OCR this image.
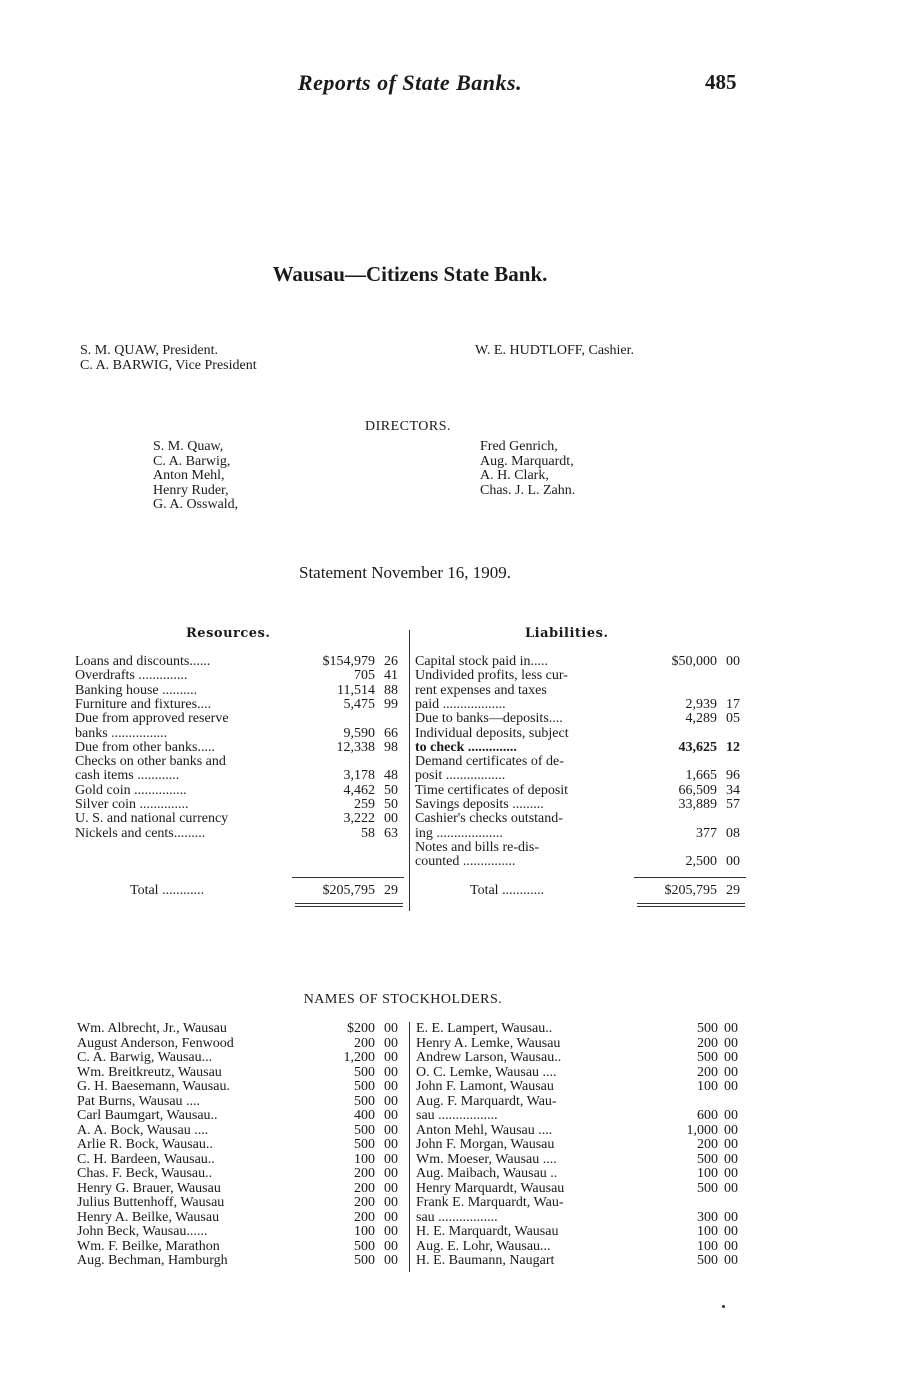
Reports of State Banks.	485
Wausau—Citizens State Bank.
S. M. QUAW, President.
C. A. BARWIG, Vice President
W. E. HUDTLOFF, Cashier.
DIRECTORS.
S. M. Quaw,
C. A. Barwig,
Anton Mehl,
Henry Ruder,
G. A. Osswald,
Fred Genrich,
Aug. Marquardt,
A. H. Clark,
Chas. J. L. Zahn.
Statement November 16, 1909.
Resources.	Liabilities.
Loans and discounts......	$154,979 26
Overdrafts ..............	705 41
Banking house ..........	11,514 88
Furniture and fixtures....	5,475 99
Due from approved reserve
banks ................	9,590 66
Due from other banks.....	12,338 98
Checks on other banks and
cash items ............	3,178 48
Gold coin ...............	4,462 50
Silver coin ..............	259 50
U. S. and national currency	3,222 00
Nickels and cents.........	58 63
Capital stock paid in.....	$50,000 00
Undivided profits, less cur-
rent expenses and taxes
paid ..................	2,939 17
Due to banks—deposits....	4,289 05
Individual deposits, subject
to check ..............	43,625 12
Demand certificates of de-
posit .................	1,665 96
Time certificates of deposit	66,509 34
Savings deposits .........	33,889 57
Cashier's checks outstand-
ing ...................	377 08
Notes and bills re-dis-
counted ...............	2,500 00
Total ............	$205,795 29	Total ............	$205,795 29
NAMES OF STOCKHOLDERS.
Wm. Albrecht, Jr., Wausau	$200 00
August Anderson, Fenwood	200 00
C. A. Barwig, Wausau...	1,200 00
Wm. Breitkreutz, Wausau	500 00
G. H. Baesemann, Wausau.	500 00
Pat Burns, Wausau ....	500 00
Carl Baumgart, Wausau..	400 00
A. A. Bock, Wausau ....	500 00
Arlie R. Bock, Wausau..	500 00
C. H. Bardeen, Wausau..	100 00
Chas. F. Beck, Wausau..	200 00
Henry G. Brauer, Wausau	200 00
Julius Buttenhoff, Wausau	200 00
Henry A. Beilke, Wausau	200 00
John Beck, Wausau......	100 00
Wm. F. Beilke, Marathon	500 00
Aug. Bechman, Hamburgh	500 00
E. E. Lampert, Wausau..	500 00
Henry A. Lemke, Wausau	200 00
Andrew Larson, Wausau..	500 00
O. C. Lemke, Wausau ....	200 00
John F. Lamont, Wausau	100 00
Aug. F. Marquardt, Wau-
sau .................	600 00
Anton Mehl, Wausau ....	1,000 00
John F. Morgan, Wausau	200 00
Wm. Moeser, Wausau ....	500 00
Aug. Maibach, Wausau ..	100 00
Henry Marquardt, Wausau	500 00
Frank E. Marquardt, Wau-
sau .................	300 00
H. E. Marquardt, Wausau	100 00
Aug. E. Lohr, Wausau...	100 00
H. E. Baumann, Naugart	500 00
